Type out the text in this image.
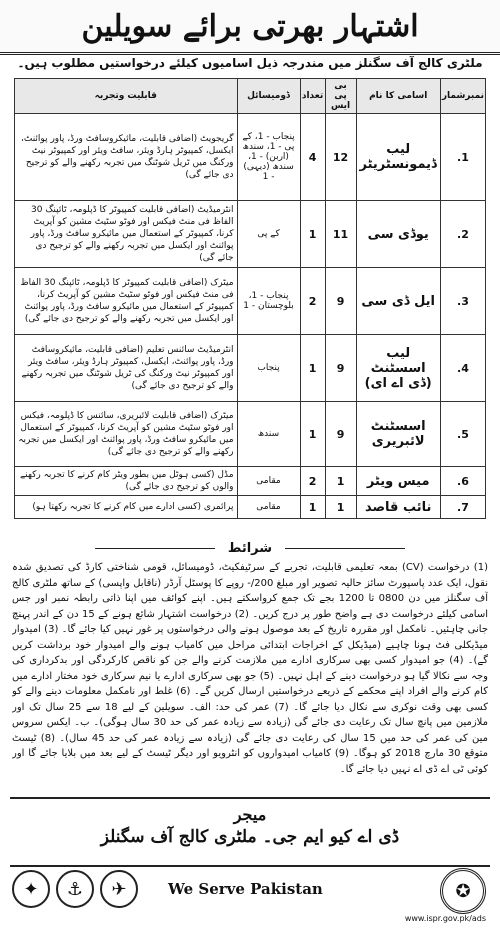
اشتہار بھرتی برائے سویلین
ملٹری کالج آف سگنلز میں مندرجہ ذیل اسامیوں کیلئے درخواستیں مطلوب ہیں۔
نمبرشمار	اسامی کا نام	بی پی ایس	تعداد	ڈومیسائل	قابلیت وتجربہ
1.	لیب ڈیمونسٹریٹر	12	4	پنجاب - 1، کے پی - 1، سندھ (اربن) - 1، سندھ (دیہی) - 1	گریجویٹ (اضافی قابلیت، مائیکروسافٹ ورڈ، پاور پوائنٹ، ایکسل، کمپیوٹر ہارڈ ویئر، سافٹ ویئر اور کمپیوٹر نیٹ ورکنگ میں ٹریل شوٹنگ میں تجربہ رکھنے والے کو ترجیح دی جائے گی)
2.	یوڈی سی	11	1	کے پی	انٹرمیڈیٹ (اضافی قابلیت کمپیوٹر کا ڈپلومہ، ٹائپنگ 30 الفاظ فی منٹ فیکس اور فوٹو سٹیٹ مشین کو آپریٹ کرنا، کمپیوٹر کے استعمال میں مائیکرو سافٹ ورڈ، پاور پوائنٹ اور ایکسل میں تجربہ رکھنے والے کو ترجیح دی جائے گی)
3.	ایل ڈی سی	9	2	پنجاب - 1، بلوچستان - 1	میٹرک (اضافی قابلیت کمپیوٹر کا ڈپلومہ، ٹائپنگ 30 الفاظ فی منٹ فیکس اور فوٹو سٹیٹ مشین کو آپریٹ کرنا، کمپیوٹر کے استعمال میں مائیکرو سافٹ ورڈ، پاور پوائنٹ اور ایکسل میں تجربہ رکھنے والے کو ترجیح دی جائے گی)
4.	لیب اسسٹنٹ (ڈی اے ای)	9	1	پنجاب	انٹرمیڈیٹ سائنس تعلیم (اضافی قابلیت، مائیکروسافٹ ورڈ، پاور پوائنٹ، ایکسل، کمپیوٹر ہارڈ ویئر، سافٹ ویئر اور کمپیوٹر نیٹ ورکنگ کی ٹریل شوٹنگ میں تجربہ رکھنے والے کو ترجیح دی جائے گی)
5.	اسسٹنٹ لائبریری	9	1	سندھ	میٹرک (اضافی قابلیت لائبریری، سائنس کا ڈپلومہ، فیکس اور فوٹو سٹیٹ مشین کو آپریٹ کرنا، کمپیوٹر کے استعمال میں مائیکرو سافٹ ورڈ، پاور پوائنٹ اور ایکسل میں تجربہ رکھنے والے کو ترجیح دی جائے گی)
6.	میس ویٹر	1	2	مقامی	مڈل (کسی ہوٹل میں بطور ویٹر کام کرنے کا تجربہ رکھنے والوں کو ترجیح دی جائے گی)
7.	نائب قاصد	1	1	مقامی	پرائمری (کسی ادارے میں کام کرنے کا تجربہ رکھتا ہو)
شرائط
(1) درخواست (CV) بمعہ تعلیمی قابلیت، تجربے کے سرٹیفکیٹ، ڈومیسائل، قومی شناختی کارڈ کی تصدیق شدہ نقول، ایک عدد پاسپورٹ سائز حالیہ تصویر اور مبلغ 200/- روپے کا پوسٹل آرڈر (ناقابل واپسی) کے ساتھ ملٹری کالج آف سگنلز میں دن 0800 تا 1200 بجے تک جمع کرواسکتے ہیں۔ اپنے کوائف میں اپنا ذاتی رابطہ نمبر اور جس اسامی کیلئے درخواست دی ہے واضح طور پر درج کریں۔ (2) درخواست اشتہار شائع ہونے کے 15 دن کے اندر پہنچ جانی چاہئیں۔ نامکمل اور مقررہ تاریخ کے بعد موصول ہونے والی درخواستوں پر غور نہیں کیا جائے گا۔ (3) امیدوار میڈیکلی فٹ ہونا چاہیے (میڈیکل کے اخراجات ابتدائی مراحل میں کامیاب ہونے والے امیدوار خود برداشت کریں گے)۔ (4) جو امیدوار کسی بھی سرکاری ادارے میں ملازمت کرنے والے جن کو ناقص کارکردگی اور بدکرداری کی وجہ سے نکالا گیا ہو درخواست دینے کے اہل نہیں۔ (5) جو بھی سرکاری ادارے یا نیم سرکاری خود مختار ادارے میں کام کرنے والے افراد اپنے محکمے کے ذریعے درخواستیں ارسال کریں گے۔ (6) غلط اور نامکمل معلومات دینے والے کو کسی بھی وقت نوکری سے نکال دیا جائے گا۔ (7) عمر کی حد: الف۔ سویلین کے لیے 18 سے 25 سال تک اور ملازمین میں پانچ سال تک رعایت دی جائے گی (زیادہ سے زیادہ عمر کی حد 30 سال ہوگی)۔ ب۔ ایکس سروس مین کی عمر کی حد میں 15 سال کی رعایت دی جائے گی (زیادہ سے زیادہ عمر کی حد 45 سال)۔ (8) ٹیسٹ متوقع 30 مارچ 2018 کو ہوگا۔ (9) کامیاب امیدواروں کو انٹرویو اور دیگر ٹیسٹ کے لیے بعد میں بلایا جائے گا اور کوئی ٹی اے ڈی اے نہیں دیا جائے گا۔
میجر
ڈی اے کیو ایم جی۔ ملٹری کالج آف سگنلز
✦	⚓	✈	We Serve Pakistan	✪
www.ispr.gov.pk/ads
